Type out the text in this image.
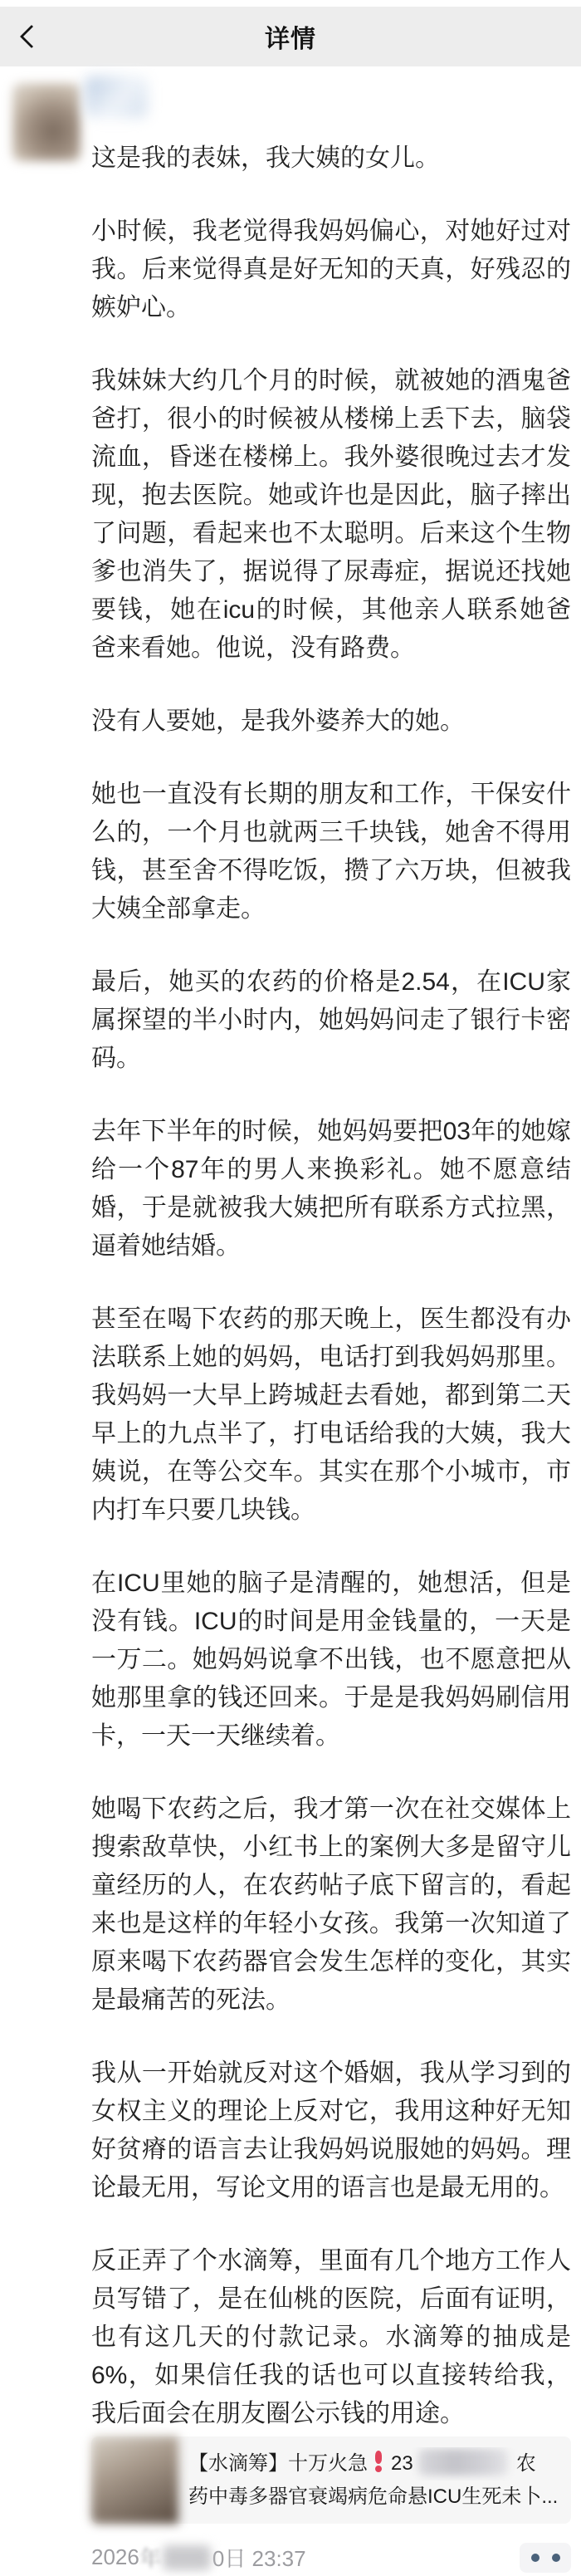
详情

这是我的表妹，我大姨的女儿。

小时候，我老觉得我妈妈偏心，对她好过对我。后来觉得真是好无知的天真，好残忍的嫉妒心。

我妹妹大约几个月的时候，就被她的酒鬼爸爸打，很小的时候被从楼梯上丢下去，脑袋流血，昏迷在楼梯上。我外婆很晚过去才发现，抱去医院。她或许也是因此，脑子摔出了问题，看起来也不太聪明。后来这个生物爹也消失了，据说得了尿毒症，据说还找她要钱，她在icu的时候，其他亲人联系她爸爸来看她。他说，没有路费。

没有人要她，是我外婆养大的她。

她也一直没有长期的朋友和工作，干保安什么的，一个月也就两三千块钱，她舍不得用钱，甚至舍不得吃饭，攒了六万块，但被我大姨全部拿走。

最后，她买的农药的价格是2.54，在ICU家属探望的半小时内，她妈妈问走了银行卡密码。

去年下半年的时候，她妈妈要把03年的她嫁给一个87年的男人来换彩礼。她不愿意结婚，于是就被我大姨把所有联系方式拉黑，逼着她结婚。

甚至在喝下农药的那天晚上，医生都没有办法联系上她的妈妈，电话打到我妈妈那里。我妈妈一大早上跨城赶去看她，都到第二天早上的九点半了，打电话给我的大姨，我大姨说，在等公交车。其实在那个小城市，市内打车只要几块钱。

在ICU里她的脑子是清醒的，她想活，但是没有钱。ICU的时间是用金钱量的，一天是一万二。她妈妈说拿不出钱，也不愿意把从她那里拿的钱还回来。于是是我妈妈刷信用卡，一天一天继续着。

她喝下农药之后，我才第一次在社交媒体上搜索敌草快，小红书上的案例大多是留守儿童经历的人，在农药帖子底下留言的，看起来也是这样的年轻小女孩。我第一次知道了原来喝下农药器官会发生怎样的变化，其实是最痛苦的死法。

我从一开始就反对这个婚姻，我从学习到的女权主义的理论上反对它，我用这种好无知好贫瘠的语言去让我妈妈说服她的妈妈。理论最无用，写论文用的语言也是最无用的。

反正弄了个水滴筹，里面有几个地方工作人员写错了，是在仙桃的医院，后面有证明，也有这几天的付款记录。水滴筹的抽成是6%，如果信任我的话也可以直接转给我，我后面会在朋友圈公示钱的用途。

【水滴筹】十万火急 23	农
药中毒多器官衰竭病危命悬ICU生死未卜...
2026 年 0日 23:37
